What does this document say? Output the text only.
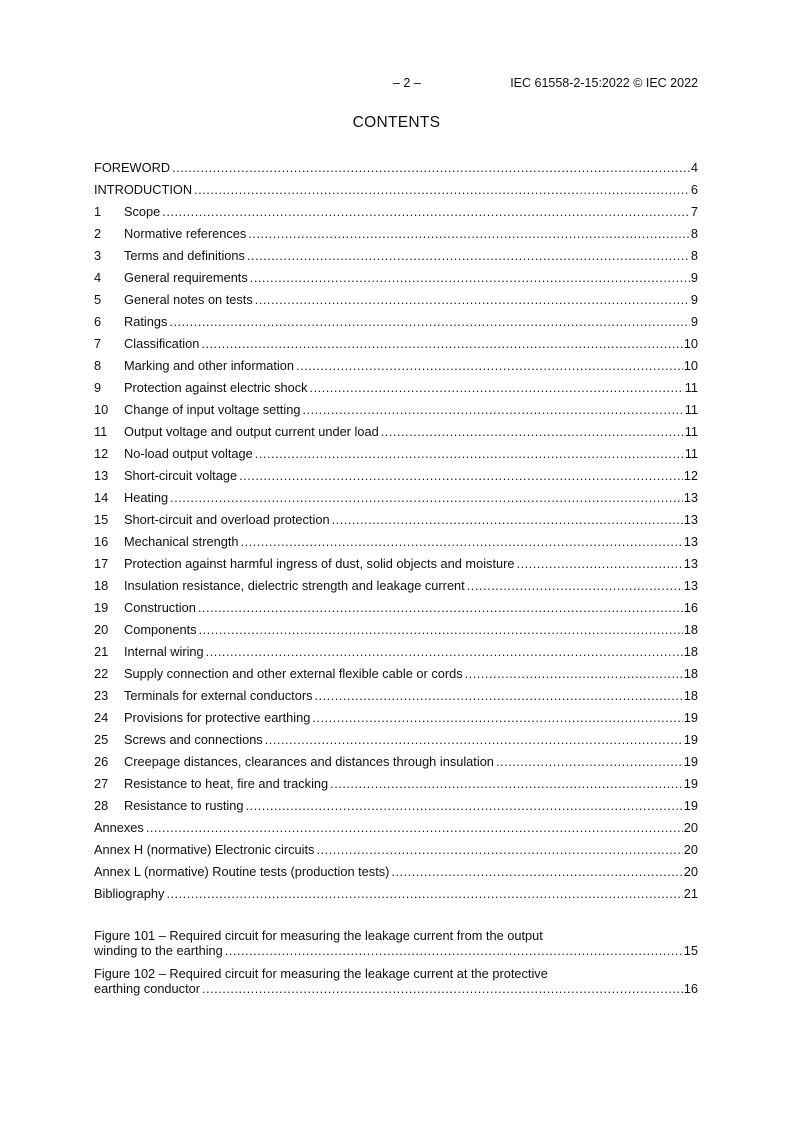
– 2 –	IEC 61558-2-15:2022 © IEC 2022
CONTENTS
FOREWORD .....	4
INTRODUCTION .....	6
1	Scope .....	7
2	Normative references .....	8
3	Terms and definitions .....	8
4	General requirements .....	9
5	General notes on tests .....	9
6	Ratings .....	9
7	Classification .....	10
8	Marking and other information .....	10
9	Protection against electric shock .....	11
10	Change of input voltage setting .....	11
11	Output voltage and output current under load .....	11
12	No-load output voltage .....	11
13	Short-circuit voltage .....	12
14	Heating .....	13
15	Short-circuit and overload protection .....	13
16	Mechanical strength .....	13
17	Protection against harmful ingress of dust, solid objects and moisture .....	13
18	Insulation resistance, dielectric strength and leakage current .....	13
19	Construction .....	16
20	Components .....	18
21	Internal wiring .....	18
22	Supply connection and other external flexible cable or cords .....	18
23	Terminals for external conductors .....	18
24	Provisions for protective earthing .....	19
25	Screws and connections .....	19
26	Creepage distances, clearances and distances through insulation .....	19
27	Resistance to heat, fire and tracking .....	19
28	Resistance to rusting .....	19
Annexes .....	20
Annex H (normative) Electronic circuits .....	20
Annex L (normative) Routine tests (production tests) .....	20
Bibliography .....	21
Figure 101 – Required circuit for measuring the leakage current from the output
winding to the earthing .....	15
Figure 102 – Required circuit for measuring the leakage current at the protective
earthing conductor .....	16
